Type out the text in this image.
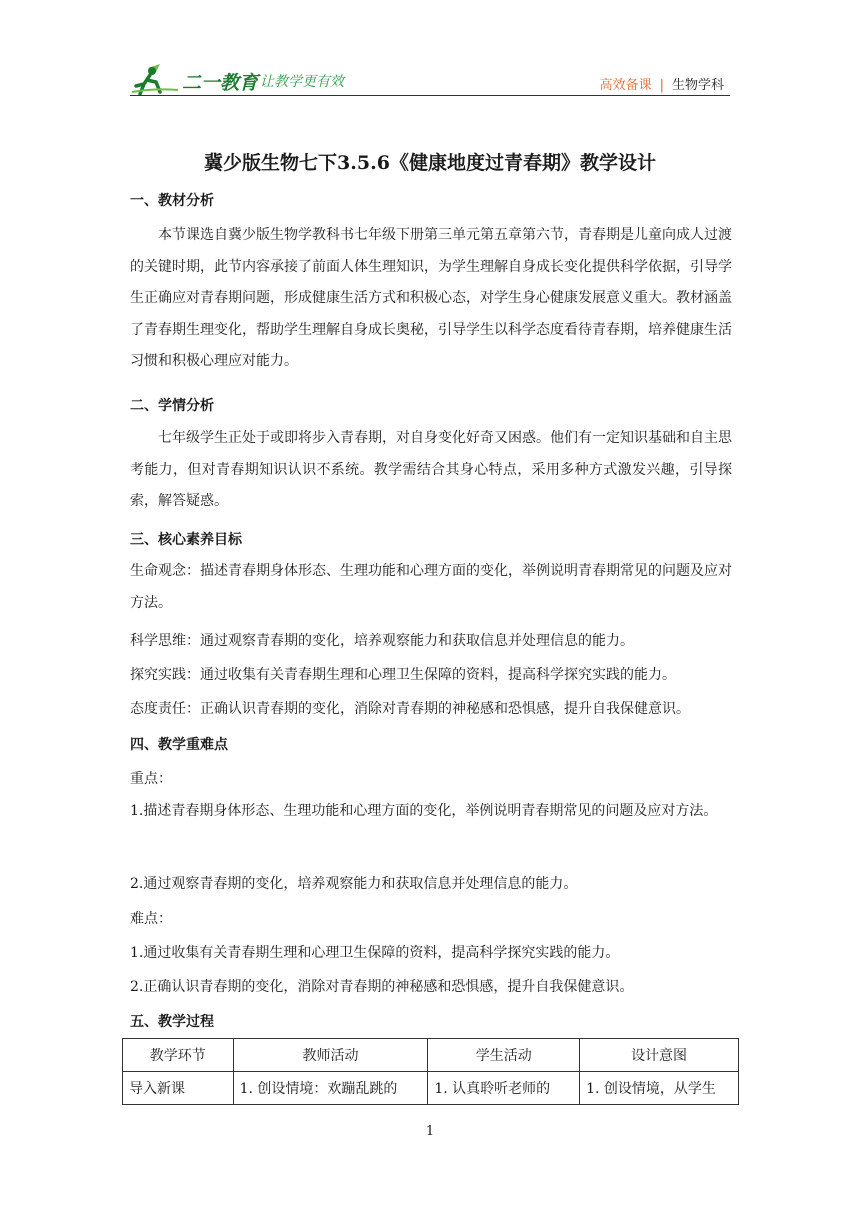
二一教育 让教学更有效	高效备课 | 生物学科
冀少版生物七下3.5.6《健康地度过青春期》教学设计
一、教材分析
本节课选自冀少版生物学教科书七年级下册第三单元第五章第六节，青春期是儿童向成人过渡的关键时期，此节内容承接了前面人体生理知识，为学生理解自身成长变化提供科学依据，引导学生正确应对青春期问题，形成健康生活方式和积极心态，对学生身心健康发展意义重大。教材涵盖了青春期生理变化，帮助学生理解自身成长奥秘，引导学生以科学态度看待青春期，培养健康生活习惯和积极心理应对能力。
二、学情分析
七年级学生正处于或即将步入青春期，对自身变化好奇又困惑。他们有一定知识基础和自主思考能力，但对青春期知识认识不系统。教学需结合其身心特点，采用多种方式激发兴趣，引导探索，解答疑惑。
三、核心素养目标
生命观念：描述青春期身体形态、生理功能和心理方面的变化，举例说明青春期常见的问题及应对方法。
科学思维：通过观察青春期的变化，培养观察能力和获取信息并处理信息的能力。
探究实践：通过收集有关青春期生理和心理卫生保障的资料，提高科学探究实践的能力。
态度责任：正确认识青春期的变化，消除对青春期的神秘感和恐惧感，提升自我保健意识。
四、教学重难点
重点：
1.描述青春期身体形态、生理功能和心理方面的变化，举例说明青春期常见的问题及应对方法。
2.通过观察青春期的变化，培养观察能力和获取信息并处理信息的能力。
难点：
1.通过收集有关青春期生理和心理卫生保障的资料，提高科学探究实践的能力。
2.正确认识青春期的变化，消除对青春期的神秘感和恐惧感，提升自我保健意识。
五、教学过程
教学环节	教师活动	学生活动	设计意图
导入新课	1. 创设情境：欢蹦乱跳的	1. 认真聆听老师的	1. 创设情境，从学生
1
